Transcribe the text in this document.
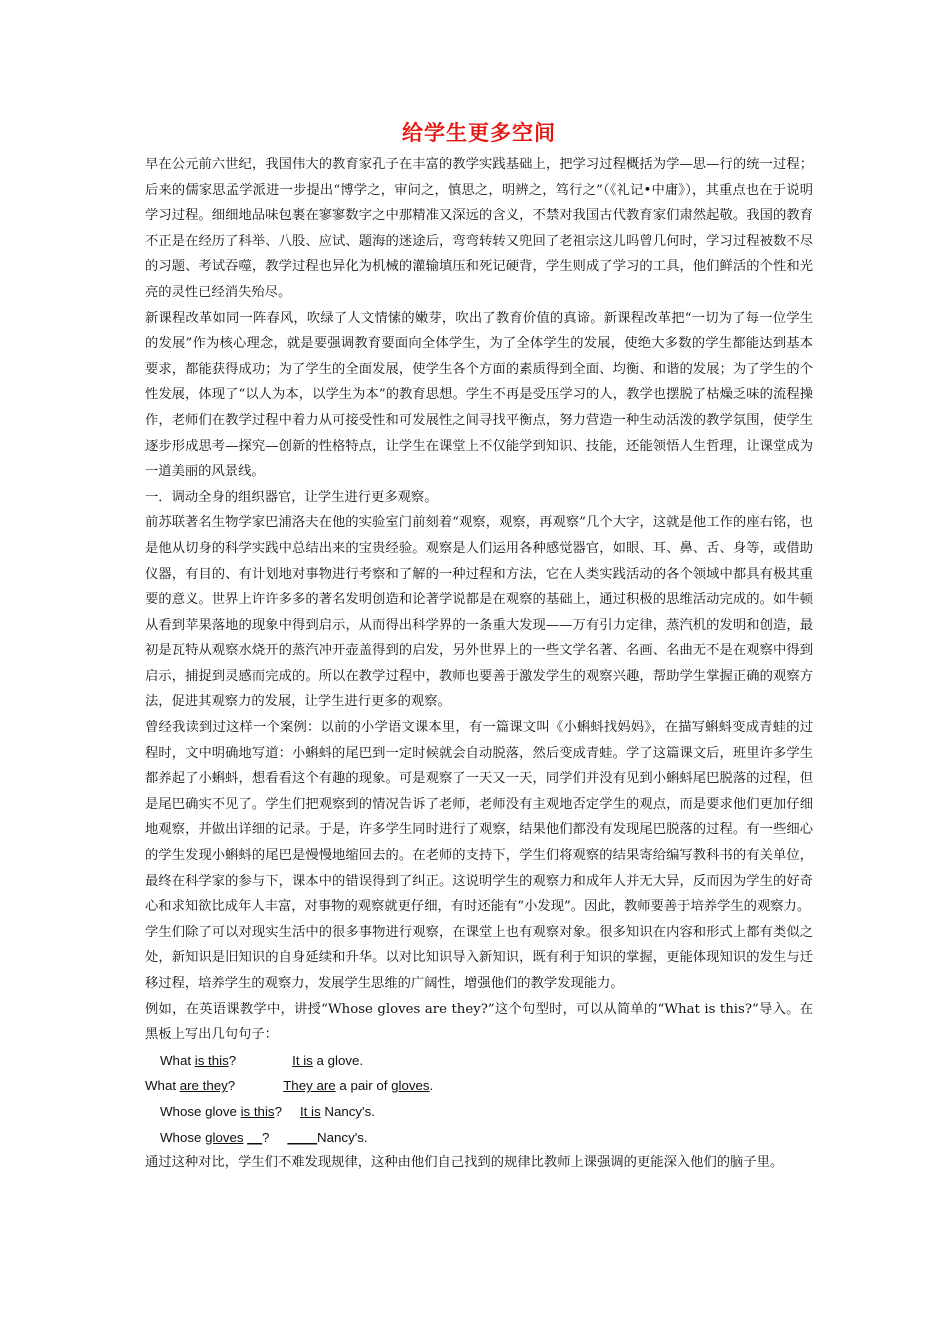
给学生更多空间

早在公元前六世纪，我国伟大的教育家孔子在丰富的教学实践基础上，把学习过程概括为学—思—行的统一过程；后来的儒家思孟学派进一步提出“博学之，审问之，慎思之，明辨之，笃行之”（《礼记•中庸》），其重点也在于说明学习过程。细细地品味包裹在寥寥数字之中那精准又深远的含义，不禁对我国古代教育家们肃然起敬。我国的教育不正是在经历了科举、八股、应试、题海的迷途后，弯弯转转又兜回了老祖宗这儿吗曾几何时，学习过程被数不尽的习题、考试吞噬，教学过程也异化为机械的灌输填压和死记硬背，学生则成了学习的工具，他们鲜活的个性和光亮的灵性已经消失殆尽。

新课程改革如同一阵春风，吹绿了人文情愫的嫩芽，吹出了教育价值的真谛。新课程改革把“一切为了每一位学生的发展”作为核心理念，就是要强调教育要面向全体学生，为了全体学生的发展，使绝大多数的学生都能达到基本要求，都能获得成功；为了学生的全面发展，使学生各个方面的素质得到全面、均衡、和谐的发展；为了学生的个性发展，体现了“以人为本，以学生为本”的教育思想。学生不再是受压学习的人，教学也摆脱了枯燥乏味的流程操作，老师们在教学过程中着力从可接受性和可发展性之间寻找平衡点，努力营造一种生动活泼的教学氛围，使学生逐步形成思考—探究—创新的性格特点，让学生在课堂上不仅能学到知识、技能，还能领悟人生哲理，让课堂成为一道美丽的风景线。

一．调动全身的组织器官，让学生进行更多观察。

前苏联著名生物学家巴浦洛夫在他的实验室门前刻着“观察，观察，再观察”几个大字，这就是他工作的座右铭，也是他从切身的科学实践中总结出来的宝贵经验。观察是人们运用各种感觉器官，如眼、耳、鼻、舌、身等，或借助仪器，有目的、有计划地对事物进行考察和了解的一种过程和方法，它在人类实践活动的各个领域中都具有极其重要的意义。世界上许许多多的著名发明创造和论著学说都是在观察的基础上，通过积极的思维活动完成的。如牛顿从看到苹果落地的现象中得到启示，从而得出科学界的一条重大发现——万有引力定律，蒸汽机的发明和创造，最初是瓦特从观察水烧开的蒸汽冲开壶盖得到的启发，另外世界上的一些文学名著、名画、名曲无不是在观察中得到启示，捕捉到灵感而完成的。所以在教学过程中，教师也要善于激发学生的观察兴趣，帮助学生掌握正确的观察方法，促进其观察力的发展，让学生进行更多的观察。

曾经我读到过这样一个案例：以前的小学语文课本里，有一篇课文叫《小蝌蚪找妈妈》，在描写蝌蚪变成青蛙的过程时，文中明确地写道：小蝌蚪的尾巴到一定时候就会自动脱落，然后变成青蛙。学了这篇课文后，班里许多学生都养起了小蝌蚪，想看看这个有趣的现象。可是观察了一天又一天，同学们并没有见到小蝌蚪尾巴脱落的过程，但是尾巴确实不见了。学生们把观察到的情况告诉了老师，老师没有主观地否定学生的观点，而是要求他们更加仔细地观察，并做出详细的记录。于是，许多学生同时进行了观察，结果他们都没有发现尾巴脱落的过程。有一些细心的学生发现小蝌蚪的尾巴是慢慢地缩回去的。在老师的支持下，学生们将观察的结果寄给编写教科书的有关单位，最终在科学家的参与下，课本中的错误得到了纠正。这说明学生的观察力和成年人并无大异，反而因为学生的好奇心和求知欲比成年人丰富，对事物的观察就更仔细，有时还能有“小发现”。因此，教师要善于培养学生的观察力。

学生们除了可以对现实生活中的很多事物进行观察，在课堂上也有观察对象。很多知识在内容和形式上都有类似之处，新知识是旧知识的自身延续和升华。以对比知识导入新知识，既有利于知识的掌握，更能体现知识的发生与迁移过程，培养学生的观察力，发展学生思维的广阔性，增强他们的教学发现能力。

例如，在英语课教学中，讲授“Whose gloves are they?”这个句型时，可以从简单的“What is this?”导入。在黑板上写出几句句子：

What is this?	It is a glove.
What are they?	They are a pair of gloves.
Whose glove is this? It is Nancy's.
Whose gloves __? ____Nancy's.

通过这种对比，学生们不难发现规律，这种由他们自己找到的规律比教师上课强调的更能深入他们的脑子里。
